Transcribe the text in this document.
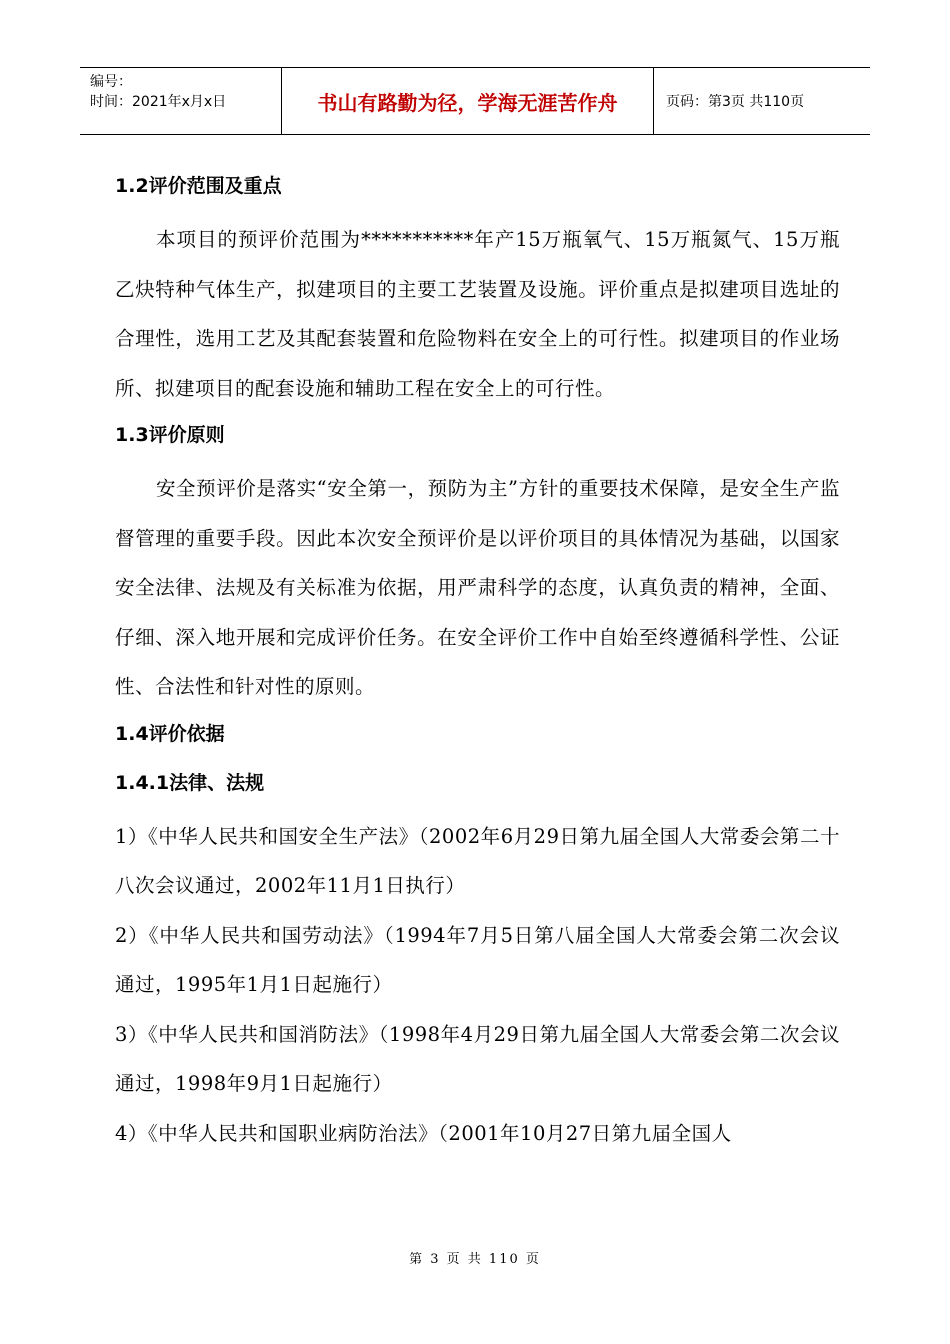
编号：
时间：2021年x月x日	书山有路勤为径，学海无涯苦作舟	页码：第3页 共110页
1.2评价范围及重点

本项目的预评价范围为***********年产15万瓶氧气、15万瓶氮气、15万瓶乙炔特种气体生产，拟建项目的主要工艺装置及设施。评价重点是拟建项目选址的合理性，选用工艺及其配套装置和危险物料在安全上的可行性。拟建项目的作业场所、拟建项目的配套设施和辅助工程在安全上的可行性。

1.3评价原则

安全预评价是落实“安全第一，预防为主”方针的重要技术保障，是安全生产监督管理的重要手段。因此本次安全预评价是以评价项目的具体情况为基础，以国家安全法律、法规及有关标准为依据，用严肃科学的态度，认真负责的精神，全面、仔细、深入地开展和完成评价任务。在安全评价工作中自始至终遵循科学性、公证性、合法性和针对性的原则。

1.4评价依据
1.4.1法律、法规

1）《中华人民共和国安全生产法》（2002年6月29日第九届全国人大常委会第二十八次会议通过，2002年11月1日执行）

2）《中华人民共和国劳动法》（1994年7月5日第八届全国人大常委会第二次会议通过，1995年1月1日起施行）

3）《中华人民共和国消防法》（1998年4月29日第九届全国人大常委会第二次会议通过，1998年9月1日起施行）

4）《中华人民共和国职业病防治法》（2001年10月27日第九届全国人

第 3 页 共 110 页
